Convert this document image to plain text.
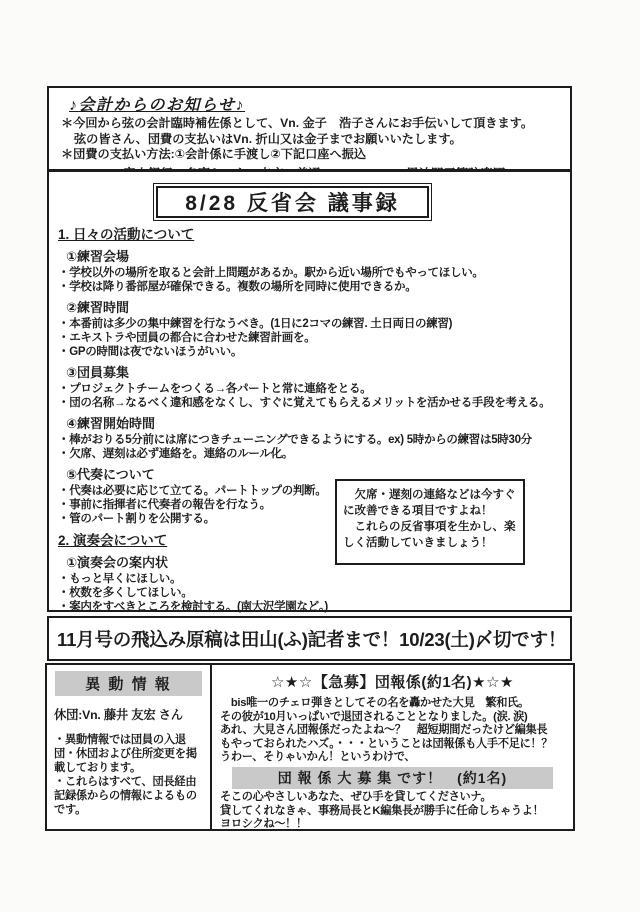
♪会計からのお知らせ♪
＊今回から弦の会計臨時補佐係として、Vn. 金子　浩子さんにお手伝いして頂きます。
弦の皆さん、団費の支払いはVn. 折山又は金子までお願いいたします。
＊団費の支払い方法:①会計係に手渡し②下記口座へ振込
8/28 反省会 議事録
1. 日々の活動について
①練習会場
・学校以外の場所を取ると会計上問題があるか。駅から近い場所でもやってほしい。
・学校は降り番部屋が確保できる。複数の場所を同時に使用できるか。
②練習時間
・本番前は多少の集中練習を行なうべき。(1日に2コマの練習. 土日両日の練習)
・エキストラや団員の都合に合わせた練習計画を。
・GPの時間は夜でないほうがいい。
③団員募集
・プロジェクトチームをつくる→各パートと常に連絡をとる。
・団の名称→なるべく違和感をなくし、すぐに覚えてもらえるメリットを活かせる手段を考える。
④練習開始時間
・棒がおりる5分前には席につきチューニングできるようにする。ex) 5時からの練習は5時30分
・欠席、遅刻は必ず連絡を。連絡のルール化。
⑤代奏について
・代奏は必要に応じて立てる。パートトップの判断。
・事前に指揮者に代奏者の報告を行なう。
・管のパート割りを公開する。
2. 演奏会について
①演奏会の案内状
・もっと早くにほしい。
・枚数を多くしてほしい。
・案内をすべきところを検討する。(南大沢学園など。)
　欠席・遅刻の連絡などは今すぐに改善できる項目ですよね！
　これらの反省事項を生かし、楽しく活動していきましょう！
11月号の飛込み原稿は田山(ふ)記者まで！10/23(土)〆切です！
異 動 情 報
休団:Vn. 藤井 友宏 さん
・異動情報では団員の入退団・休団および住所変更を掲載しております。
・これらはすべて、団長経由 記録係からの情報によるものです。
☆★☆【急募】団報係(約1名)★☆★
　bis唯一のチェロ弾きとしてその名を轟かせた大見　繁和氏。
その彼が10月いっぱいで退団されることとなりました。(涙. 涙)
あれ、大見さん団報係だったよね～？　超短期間だったけど編集長
もやっておられたハズ。・・・ということは団報係も人手不足に！？
うわー、そりゃいかん！というわけで、
団 報 係 大 募 集 です！　(約1名)
そこの心やさしいあなた、ぜひ手を貸してくださいナ。
貸してくれなきゃ、事務局長とK編集長が勝手に任命しちゃうよ！
ヨロシクね～！！
